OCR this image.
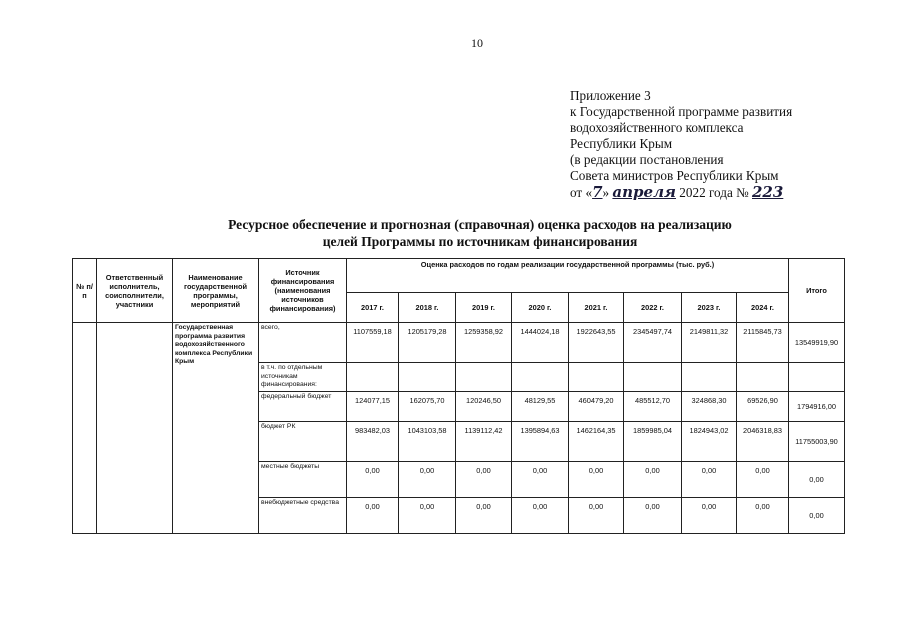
10
Приложение 3
к Государственной программе развития
водохозяйственного комплекса
Республики Крым
(в редакции постановления
Совета министров Республики Крым
от «7» апреля 2022 года № 223
Ресурсное обеспечение и прогнозная (справочная) оценка расходов на реализацию
целей Программы по источникам финансирования
№ п/п	Ответственный исполнитель, соисполнители, участники	Наименование государственной программы, мероприятий	Источник финансирования (наименования источников финансирования)	Оценка расходов по годам реализации государственной программы (тыс. руб.)								Итого
				2017 г.	2018 г.	2019 г.	2020 г.	2021 г.	2022 г.	2023 г.	2024 г.	
		Государственная программа развития водохозяйственного комплекса Республики Крым	всего,	1107559,18	1205179,28	1259358,92	1444024,18	1922643,55	2345497,74	2149811,32	2115845,73	13549919,90
			в т.ч. по отдельным источникам финансирования:									
			федеральный бюджет	124077,15	162075,70	120246,50	48129,55	460479,20	485512,70	324868,30	69526,90	1794916,00
			бюджет РК	983482,03	1043103,58	1139112,42	1395894,63	1462164,35	1859985,04	1824943,02	2046318,83	11755003,90
			местные бюджеты	0,00	0,00	0,00	0,00	0,00	0,00	0,00	0,00	0,00
			внебюджетные средства	0,00	0,00	0,00	0,00	0,00	0,00	0,00	0,00	0,00
